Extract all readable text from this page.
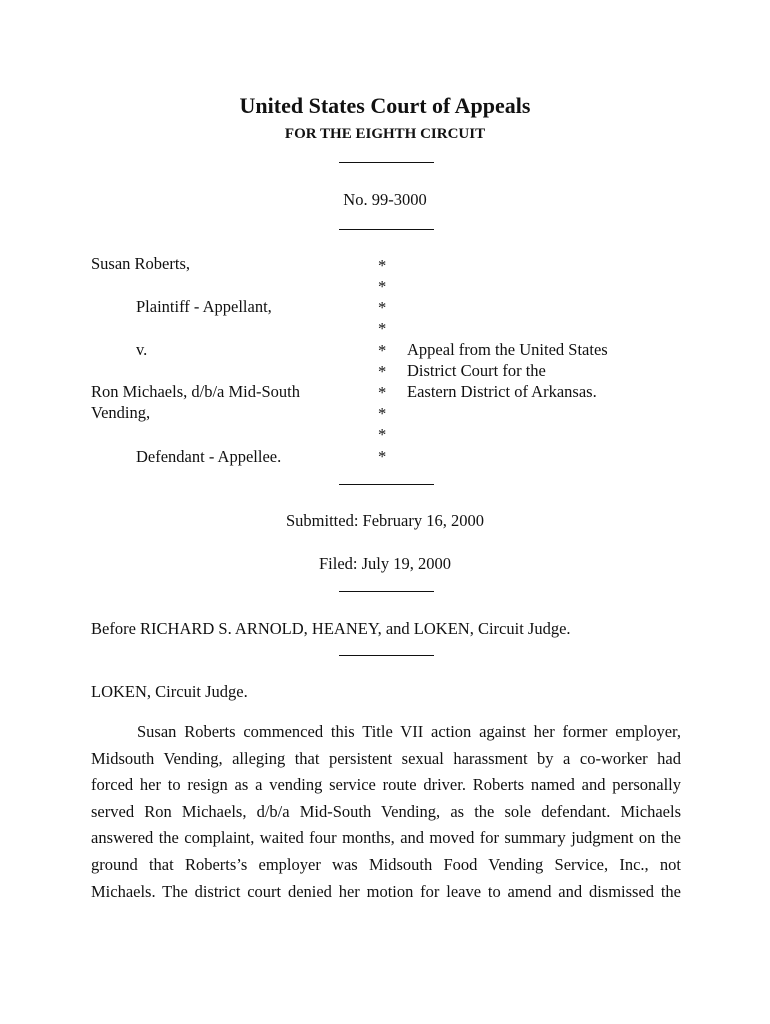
United States Court of Appeals
FOR THE EIGHTH CIRCUIT
No. 99-3000
Susan Roberts,
Plaintiff - Appellant,
v.
Ron Michaels, d/b/a Mid-South
Vending,
Defendant - Appellee.
*
*
*
*
*
*
*
*
*
*
Appeal from the United States
District Court for the
Eastern District of Arkansas.
Submitted: February 16, 2000
Filed: July 19, 2000
Before RICHARD S. ARNOLD, HEANEY, and LOKEN, Circuit Judge.
LOKEN, Circuit Judge.
Susan Roberts commenced this Title VII action against her former employer,
Midsouth Vending, alleging that persistent sexual harassment by a co-worker had
forced her to resign as a vending service route driver. Roberts named and personally
served Ron Michaels, d/b/a Mid-South Vending, as the sole defendant. Michaels
answered the complaint, waited four months, and moved for summary judgment on the
ground that Roberts’s employer was Midsouth Food Vending Service, Inc., not
Michaels. The district court denied her motion for leave to amend and dismissed the
